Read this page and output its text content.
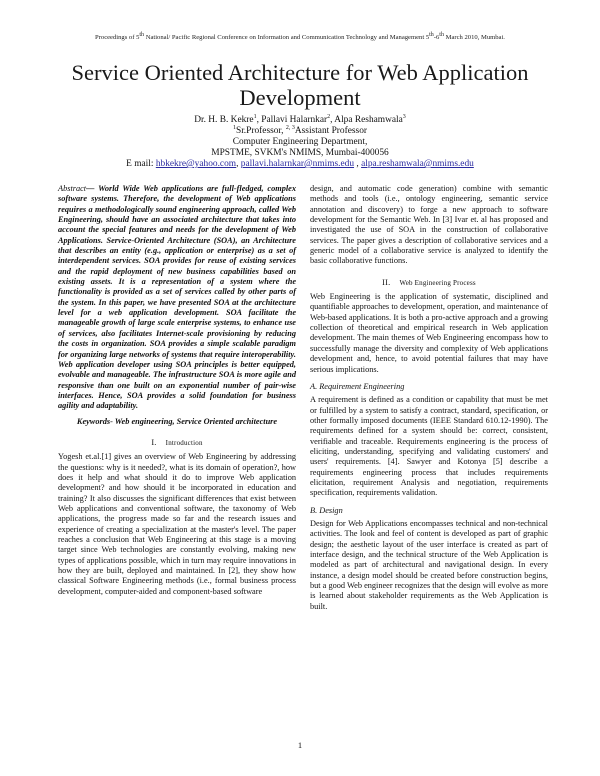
Proceedings of 5th National/ Pacific Regional Conference on Information and Communication Technology and Management 5th-6th March 2010, Mumbai.
Service Oriented Architecture for Web Application Development
Dr. H. B. Kekre$^1$, Pallavi Halarnkar$^2$, Alpa Reshamwala$^3$
$^1$Sr.Professor, $^{2, 3}$Assistant Professor
Computer Engineering Department,
MPSTME, SVKM's NMIMS, Mumbai-400056
E mail: hbkekre@yahoo.com, pallavi.halarnkar@nmims.edu , alpa.reshamwala@nmims.edu

Abstract— World Wide Web applications are full-fledged, complex software systems. Therefore, the development of Web applications requires a methodologically sound engineering approach, called Web Engineering, should have an associated architecture that takes into account the special features and needs for the development of Web Applications. Service-Oriented Architecture (SOA), an Architecture that describes an entity (e.g., application or enterprise) as a set of interdependent services. SOA provides for reuse of existing services and the rapid deployment of new business capabilities based on existing assets. It is a representation of a system where the functionality is provided as a set of services called by other parts of the system. In this paper, we have presented SOA at the architecture level for a web application development. SOA facilitate the manageable growth of large scale enterprise systems, to enhance use of services, also facilitates Internet-scale provisioning by reducing the costs in organization. SOA provides a simple scalable paradigm for organizing large networks of systems that require interoperability. Web application developer using SOA principles is better equipped, evolvable and manageable. The infrastructure SOA is more agile and responsive than one built on an exponential number of pair-wise interfaces. Hence, SOA provides a solid foundation for business agility and adaptability.

Keywords- Web engineering, Service Oriented architecture

I. Introduction

Yogesh et.al.[1] gives an overview of Web Engineering by addressing the questions: why is it needed?, what is its domain of operation?, how does it help and what should it do to improve Web application development? and how should it be incorporated in education and training? It also discusses the significant differences that exist between Web applications and conventional software, the taxonomy of Web applications, the progress made so far and the research issues and experience of creating a specialization at the master's level. The paper reaches a conclusion that Web Engineering at this stage is a moving target since Web technologies are constantly evolving, making new types of applications possible, which in turn may require innovations in how they are built, deployed and maintained. In [2], they show how classical Software Engineering methods (i.e., formal business process development, computer-aided and component-based software

design, and automatic code generation) combine with semantic methods and tools (i.e., ontology engineering, semantic service annotation and discovery) to forge a new approach to software development for the Semantic Web. In [3] Ivar et. al has proposed and investigated the use of SOA in the construction of collaborative services. The paper gives a description of collaborative services and a generic model of a collaborative service is analyzed to identify the basic collaborative functions.

II. Web Engineering Process

Web Engineering is the application of systematic, disciplined and quantifiable approaches to development, operation, and maintenance of Web-based applications. It is both a pro-active approach and a growing collection of theoretical and empirical research in Web application development. The main themes of Web Engineering encompass how to successfully manage the diversity and complexity of Web applications development and, hence, to avoid potential failures that may have serious implications.

A. Requirement Engineering

A requirement is defined as a condition or capability that must be met or fulfilled by a system to satisfy a contract, standard, specification, or other formally imposed documents (IEEE Standard 610.12-1990). The requirements defined for a system should be: correct, consistent, verifiable and traceable. Requirements engineering is the process of eliciting, understanding, specifying and validating customers' and users' requirements. [4]. Sawyer and Kotonya [5] describe a requirements engineering process that includes requirements elicitation, requirement Analysis and negotiation, requirements specification, requirements validation.

B. Design

Design for Web Applications encompasses technical and non-technical activities. The look and feel of content is developed as part of graphic design; the aesthetic layout of the user interface is created as part of interface design, and the technical structure of the Web Application is modeled as part of architectural and navigational design. In every instance, a design model should be created before construction begins, but a good Web engineer recognizes that the design will evolve as more is learned about stakeholder requirements as the Web Application is built.

1
